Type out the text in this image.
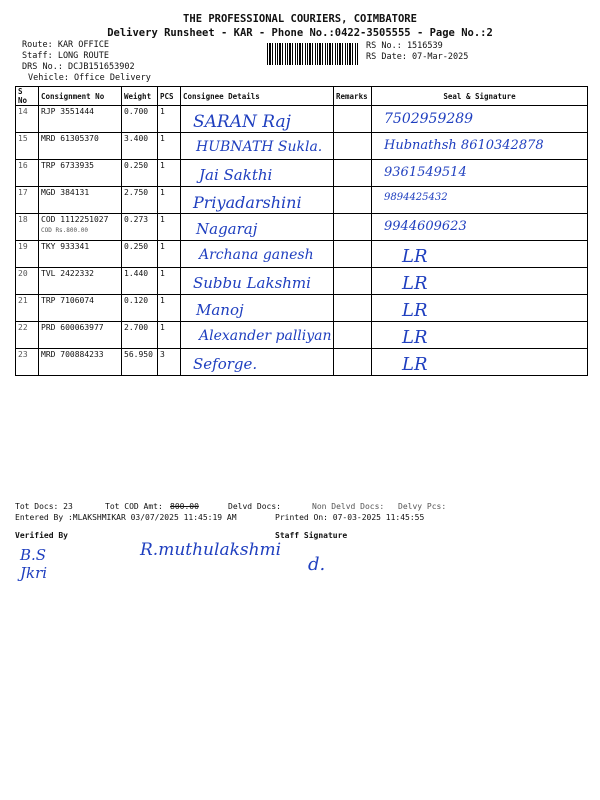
THE PROFESSIONAL COURIERS, COIMBATORE
Delivery Runsheet - KAR - Phone No.:0422-3505555 - Page No.:2
Route: KAR OFFICE
Staff: LONG ROUTE
DRS No.: DCJB151653902
Vehicle: Office Delivery
RS No.: 1516539
RS Date: 07-Mar-2025
S No	Consignment No	Weight	PCS	Consignee Details	Remarks	Seal & Signature
14	RJP 3551444	0.700	1	SARAN Raj		7502959289

15	MRD 61305370	3.400	1	HUBNATH Sukla.		Hubnathsh 8610342878

16	TRP 6733935	0.250	1	Jai Sakthi		9361549514

17	MGD 384131	2.750	1	Priyadarshini		9894425432

18	COD 1112251027
COD Rs.800.00	0.273	1	Nagaraj		9944609623

19	TKY 933341	0.250	1	Archana ganesh		LR

20	TVL 2422332	1.440	1	Subbu Lakshmi		LR

21	TRP 7106074	0.120	1	Manoj		LR

22	PRD 600063977	2.700	1	Alexander palliyan		LR

23	MRD 700884233	56.950	3	Seforge.		LR
Tot Docs: 23	Tot COD Amt: 800.00	Delvd Docs:	Non Delvd Docs: Delvy Pcs:
Entered By :MLAKSHMIKAR 03/07/2025 11:45:19 AM	Printed On: 07-03-2025 11:45:55
Verified By	Staff Signature
B.S Jkri
R.muthulakshmi
d.
